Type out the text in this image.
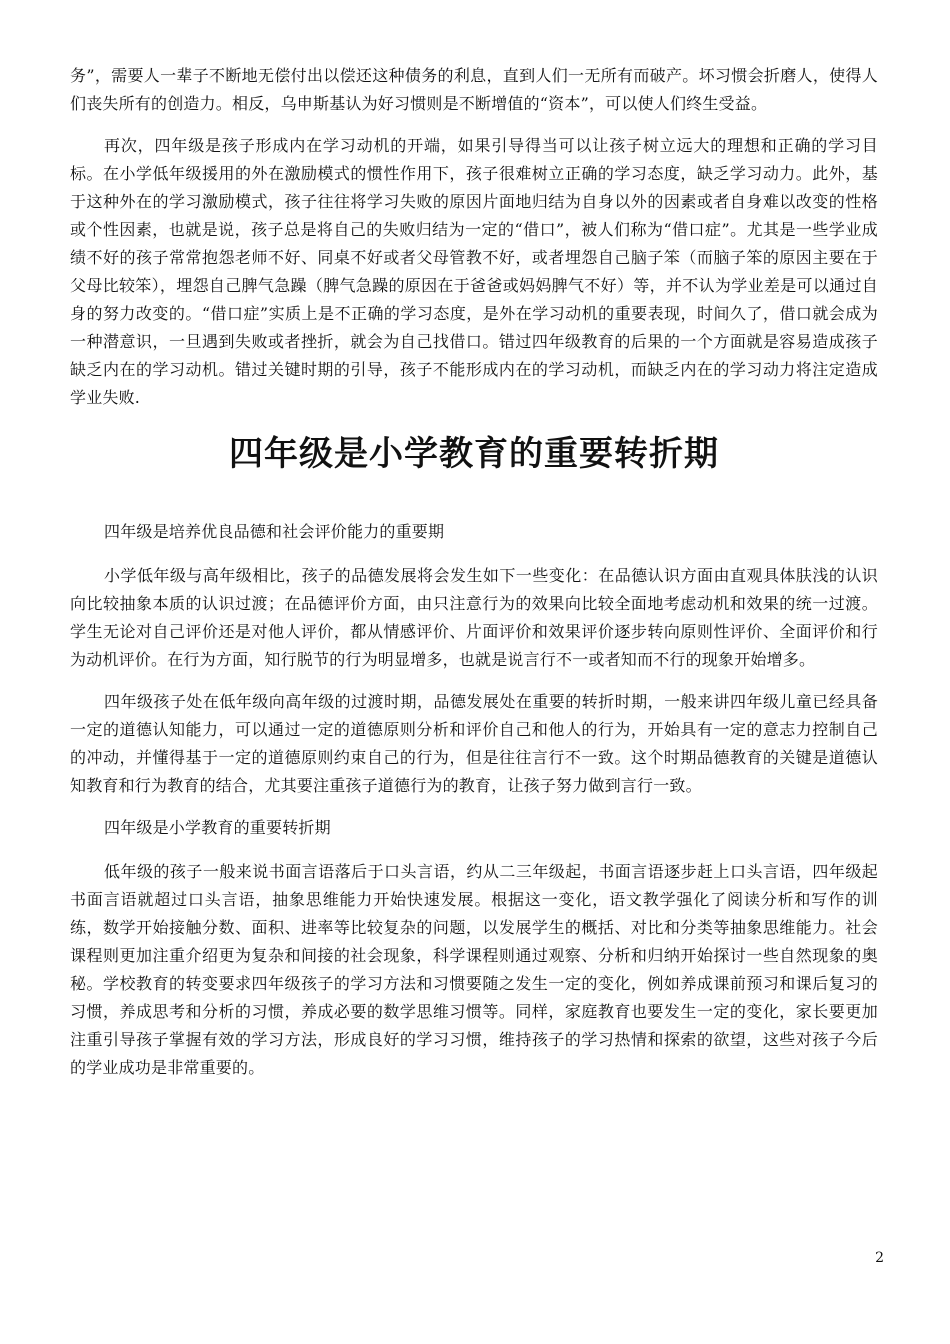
务”，需要人一辈子不断地无偿付出以偿还这种债务的利息，直到人们一无所有而破产。坏习惯会折磨人，使得人们丧失所有的创造力。相反，乌申斯基认为好习惯则是不断增值的“资本”，可以使人们终生受益。

再次，四年级是孩子形成内在学习动机的开端，如果引导得当可以让孩子树立远大的理想和正确的学习目标。在小学低年级援用的外在激励模式的惯性作用下，孩子很难树立正确的学习态度，缺乏学习动力。此外，基于这种外在的学习激励模式，孩子往往将学习失败的原因片面地归结为自身以外的因素或者自身难以改变的性格或个性因素，也就是说，孩子总是将自己的失败归结为一定的“借口”，被人们称为“借口症”。尤其是一些学业成绩不好的孩子常常抱怨老师不好、同桌不好或者父母管教不好，或者埋怨自己脑子笨（而脑子笨的原因主要在于父母比较笨），埋怨自己脾气急躁（脾气急躁的原因在于爸爸或妈妈脾气不好）等，并不认为学业差是可以通过自身的努力改变的。“借口症”实质上是不正确的学习态度，是外在学习动机的重要表现，时间久了，借口就会成为一种潜意识，一旦遇到失败或者挫折，就会为自己找借口。错过四年级教育的后果的一个方面就是容易造成孩子缺乏内在的学习动机。错过关键时期的引导，孩子不能形成内在的学习动机，而缺乏内在的学习动力将注定造成学业失败.

四年级是小学教育的重要转折期

四年级是培养优良品德和社会评价能力的重要期

小学低年级与高年级相比，孩子的品德发展将会发生如下一些变化：在品德认识方面由直观具体肤浅的认识向比较抽象本质的认识过渡；在品德评价方面，由只注意行为的效果向比较全面地考虑动机和效果的统一过渡。学生无论对自己评价还是对他人评价，都从情感评价、片面评价和效果评价逐步转向原则性评价、全面评价和行为动机评价。在行为方面，知行脱节的行为明显增多，也就是说言行不一或者知而不行的现象开始增多。

四年级孩子处在低年级向高年级的过渡时期，品德发展处在重要的转折时期，一般来讲四年级儿童已经具备一定的道德认知能力，可以通过一定的道德原则分析和评价自己和他人的行为，开始具有一定的意志力控制自己的冲动，并懂得基于一定的道德原则约束自己的行为，但是往往言行不一致。这个时期品德教育的关键是道德认知教育和行为教育的结合，尤其要注重孩子道德行为的教育，让孩子努力做到言行一致。

四年级是小学教育的重要转折期

低年级的孩子一般来说书面言语落后于口头言语，约从二三年级起，书面言语逐步赶上口头言语，四年级起书面言语就超过口头言语，抽象思维能力开始快速发展。根据这一变化，语文教学强化了阅读分析和写作的训练，数学开始接触分数、面积、进率等比较复杂的问题，以发展学生的概括、对比和分类等抽象思维能力。社会课程则更加注重介绍更为复杂和间接的社会现象，科学课程则通过观察、分析和归纳开始探讨一些自然现象的奥秘。学校教育的转变要求四年级孩子的学习方法和习惯要随之发生一定的变化，例如养成课前预习和课后复习的习惯，养成思考和分析的习惯，养成必要的数学思维习惯等。同样，家庭教育也要发生一定的变化，家长要更加注重引导孩子掌握有效的学习方法，形成良好的学习习惯，维持孩子的学习热情和探索的欲望，这些对孩子今后的学业成功是非常重要的。

2
